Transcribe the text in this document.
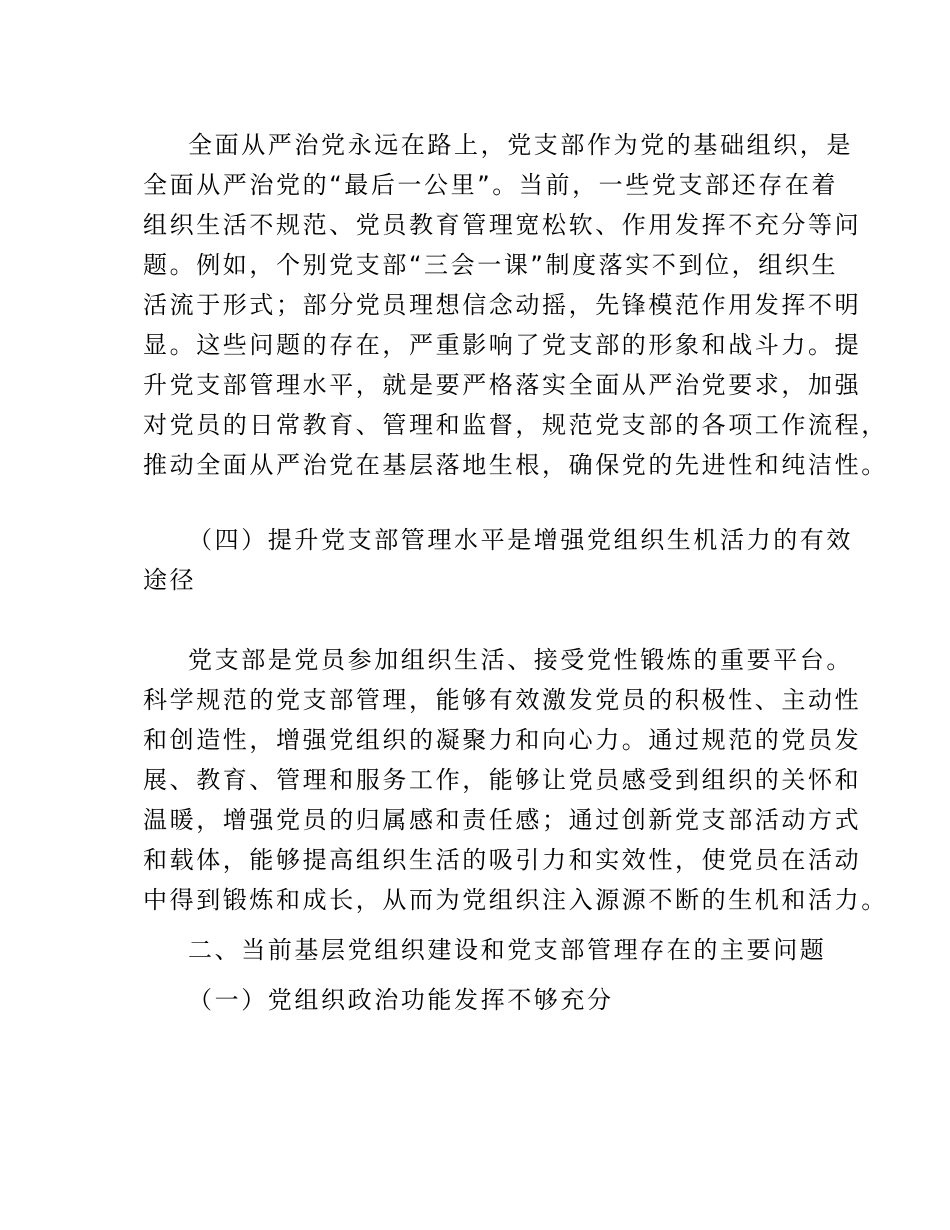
全面从严治党永远在路上，党支部作为党的基础组织，是
全面从严治党的“最后一公里”。当前，一些党支部还存在着
组织生活不规范、党员教育管理宽松软、作用发挥不充分等问
题。例如，个别党支部“三会一课”制度落实不到位，组织生
活流于形式；部分党员理想信念动摇，先锋模范作用发挥不明
显。这些问题的存在，严重影响了党支部的形象和战斗力。提
升党支部管理水平，就是要严格落实全面从严治党要求，加强
对党员的日常教育、管理和监督，规范党支部的各项工作流程，
推动全面从严治党在基层落地生根，确保党的先进性和纯洁性。
（四）提升党支部管理水平是增强党组织生机活力的有效
途径
党支部是党员参加组织生活、接受党性锻炼的重要平台。
科学规范的党支部管理，能够有效激发党员的积极性、主动性
和创造性，增强党组织的凝聚力和向心力。通过规范的党员发
展、教育、管理和服务工作，能够让党员感受到组织的关怀和
温暖，增强党员的归属感和责任感；通过创新党支部活动方式
和载体，能够提高组织生活的吸引力和实效性，使党员在活动
中得到锻炼和成长，从而为党组织注入源源不断的生机和活力。
二、当前基层党组织建设和党支部管理存在的主要问题
（一）党组织政治功能发挥不够充分
